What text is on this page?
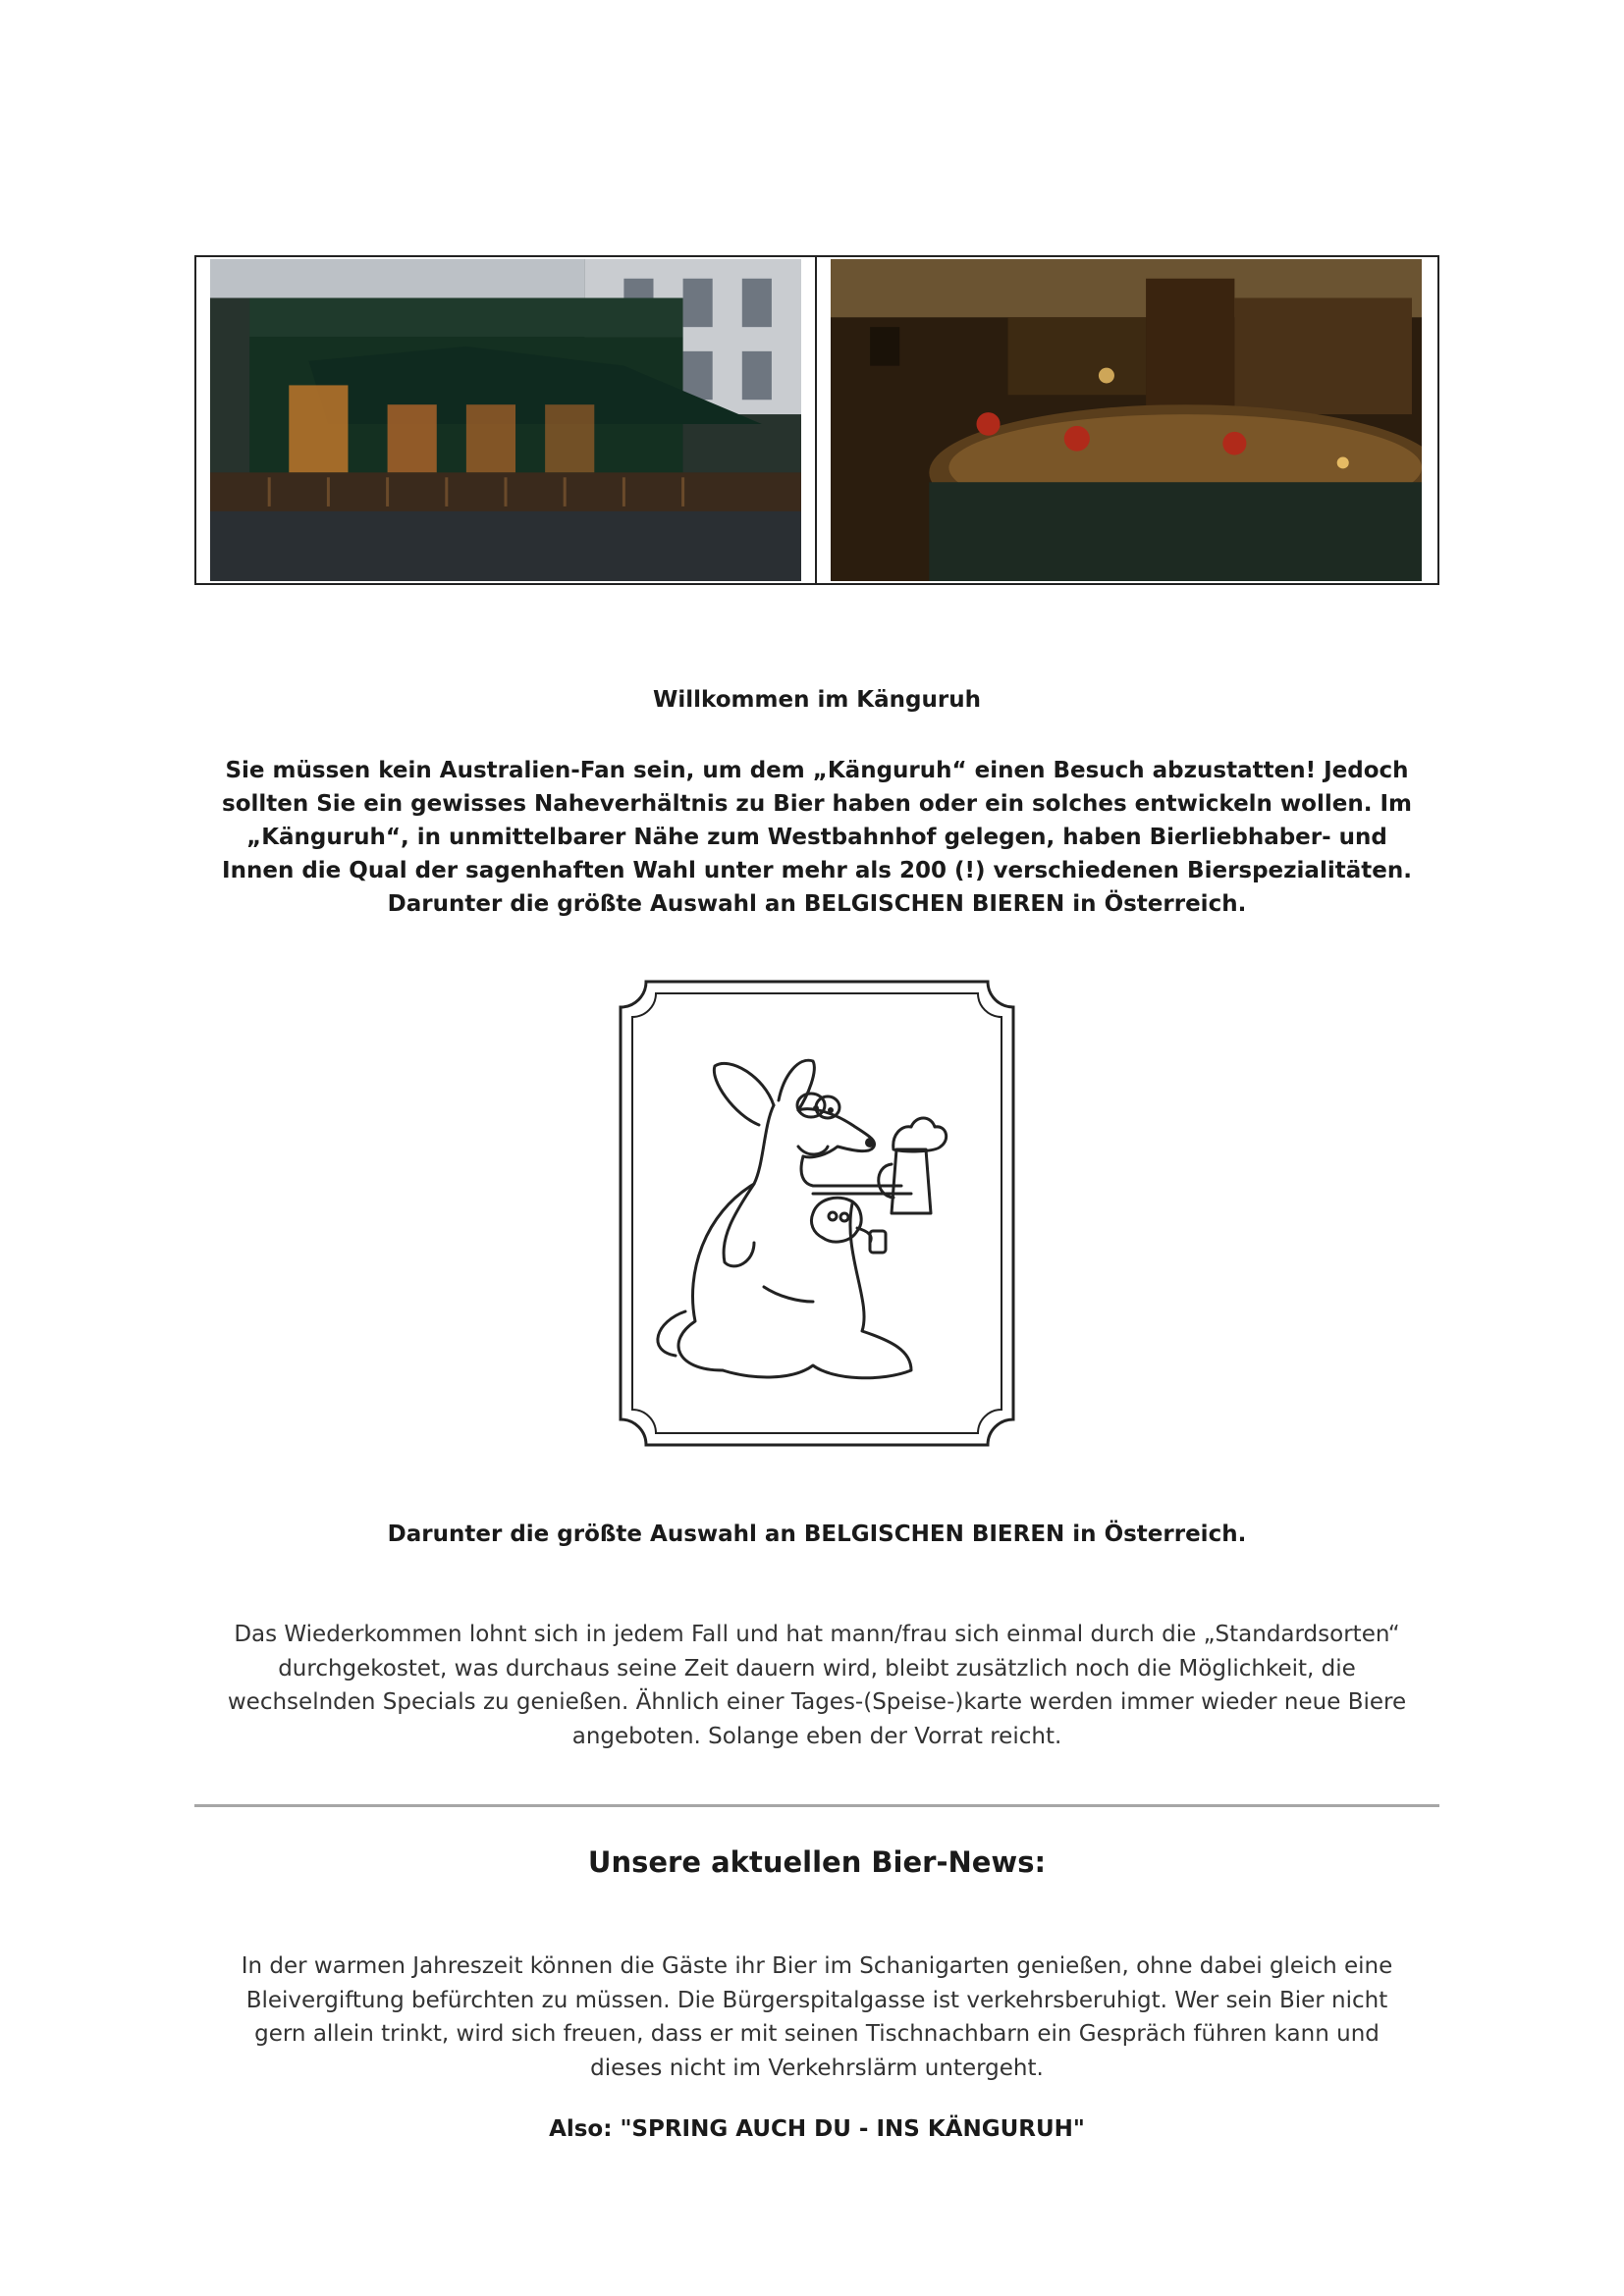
Willkommen im Känguruh
Sie müssen kein Australien-Fan sein, um dem „Känguruh“ einen Besuch abzustatten! Jedoch
sollten Sie ein gewisses Naheverhältnis zu Bier haben oder ein solches entwickeln wollen. Im
„Känguruh“, in unmittelbarer Nähe zum Westbahnhof gelegen, haben Bierliebhaber- und
Innen die Qual der sagenhaften Wahl unter mehr als 200 (!) verschiedenen Bierspezialitäten.
Darunter die größte Auswahl an BELGISCHEN BIEREN in Österreich.
Darunter die größte Auswahl an BELGISCHEN BIEREN in Österreich.
Das Wiederkommen lohnt sich in jedem Fall und hat mann/frau sich einmal durch die „Standardsorten“
durchgekostet, was durchaus seine Zeit dauern wird, bleibt zusätzlich noch die Möglichkeit, die
wechselnden Specials zu genießen. Ähnlich einer Tages-(Speise-)karte werden immer wieder neue Biere
angeboten. Solange eben der Vorrat reicht.
Unsere aktuellen Bier-News:
In der warmen Jahreszeit können die Gäste ihr Bier im Schanigarten genießen, ohne dabei gleich eine
Bleivergiftung befürchten zu müssen. Die Bürgerspitalgasse ist verkehrsberuhigt. Wer sein Bier nicht
gern allein trinkt, wird sich freuen, dass er mit seinen Tischnachbarn ein Gespräch führen kann und
dieses nicht im Verkehrslärm untergeht.
Also: "SPRING AUCH DU - INS KÄNGURUH"
